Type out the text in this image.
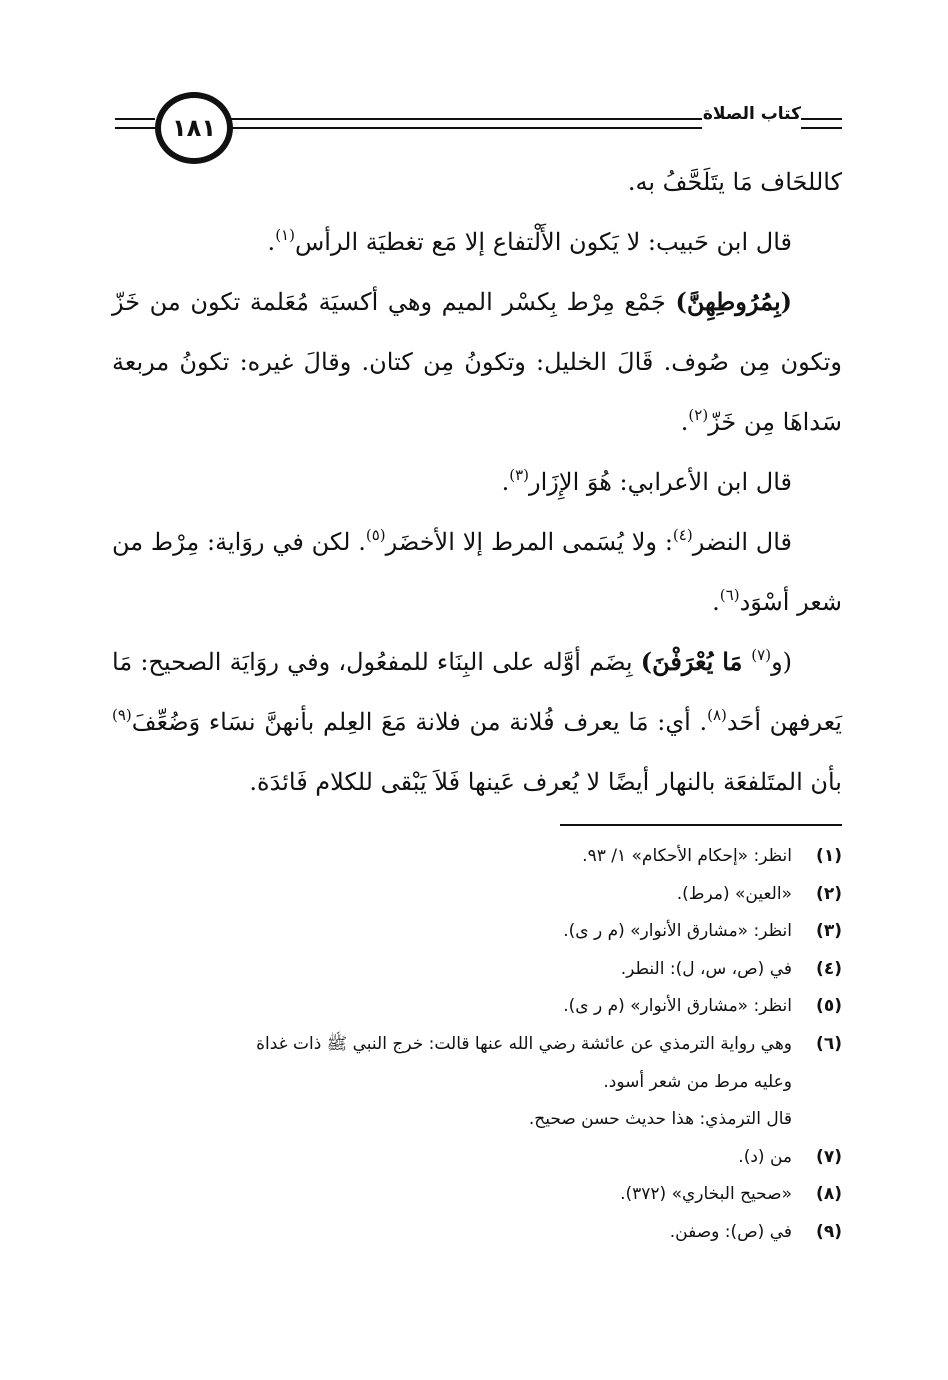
١٨١	كتاب الصلاة

كاللحَاف مَا يتَلَحَّفُ به.

قال ابن حَبيب: لا يَكون الأَلْتفاع إلا مَع تغطيَة الرأس$^{(١)}$.

(بِمُرُوطِهِنَّ) جَمْع مِرْط بِكسْر الميم وهي أكسيَة مُعَلمة تكون من خَزّ وتكون مِن صُوف. قَالَ الخليل: وتكونُ مِن كتان. وقالَ غيره: تكونُ مربعة سَداهَا مِن خَزّ$^{(٢)}$.

قال ابن الأعرابي: هُوَ الإِزَار$^{(٣)}$.

قال النضر$^{(٤)}$: ولا يُسَمى المرط إلا الأخضَر$^{(٥)}$. لكن في روَاية: مِرْط من شعر أسْوَد$^{(٦)}$.

(و$^{(٧)}$ مَا يُعْرَفْنَ) بِضَم أوَّله على البِنَاء للمفعُول، وفي روَايَة الصحيح: مَا يَعرفهن أحَد$^{(٨)}$. أي: مَا يعرف فُلانة من فلانة مَعَ العِلم بأنهنَّ نسَاء وَضُعِّفَ$^{(٩)}$ بأن المتَلفعَة بالنهار أيضًا لا يُعرف عَينها فَلاَ يَبْقى للكلام فَائدَة.

(١)
انظر: «إحكام الأحكام» ١/ ٩٣.
(٢)
«العين» (مرط).
(٣)
انظر: «مشارق الأنوار» (م ر ى).
(٤)
في (ص، س، ل): النطر.
(٥)
انظر: «مشارق الأنوار» (م ر ى).
(٦)
وهي رواية الترمذي عن عائشة رضي الله عنها قالت: خرج النبي ﷺ ذات غداة
وعليه مرط من شعر أسود.
قال الترمذي: هذا حديث حسن صحيح.
(٧)
من (د).
(٨)
«صحيح البخاري» (٣٧٢).
(٩)
في (ص): وصفن.
